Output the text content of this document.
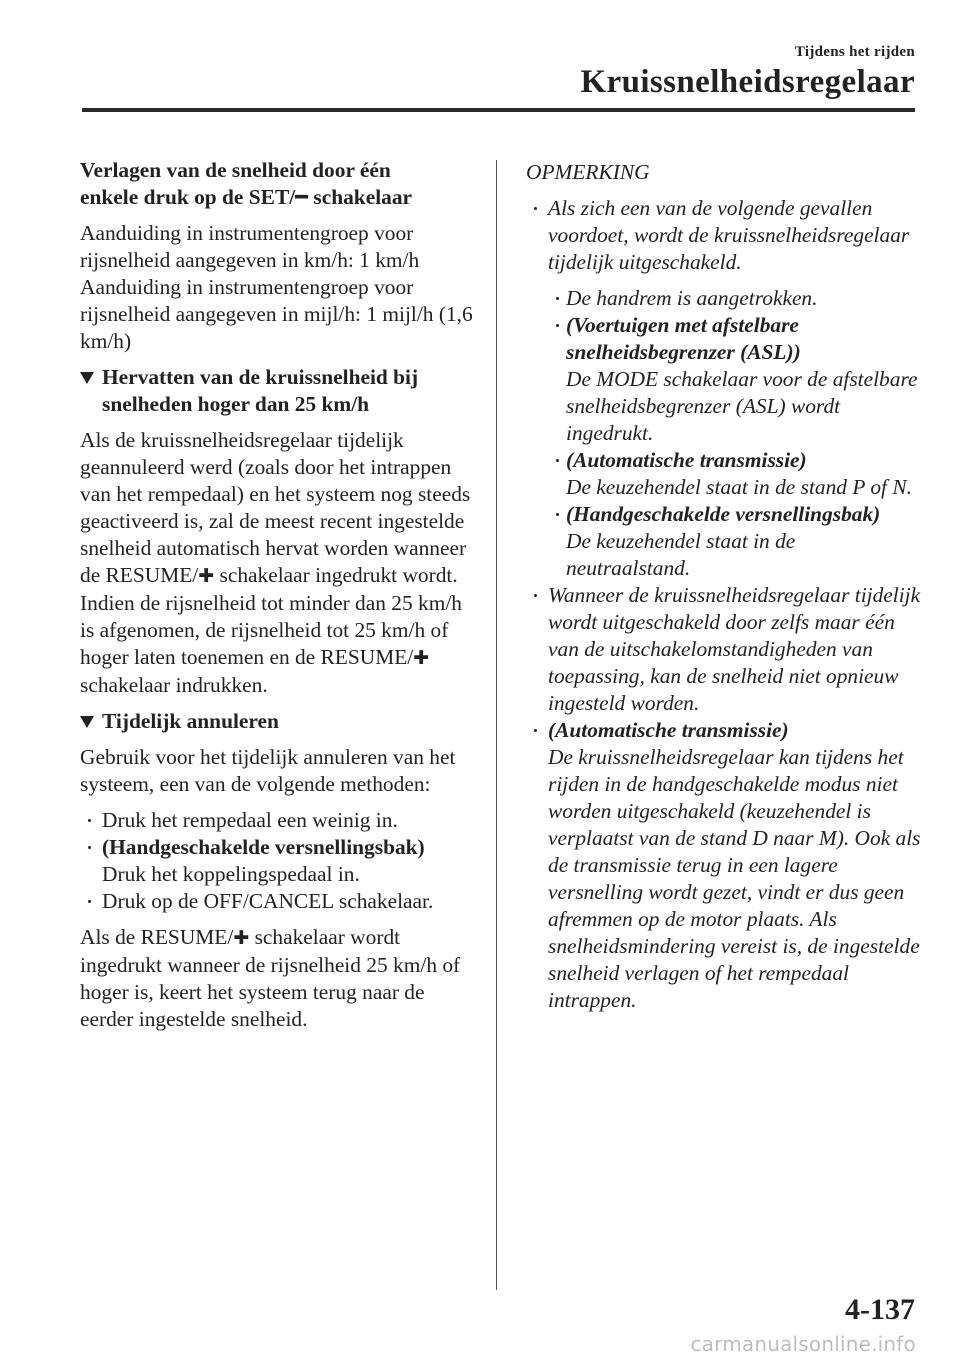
Tijdens het rijden
Kruissnelheidsregelaar
Verlagen van de snelheid door één
enkele druk op de SET/━ schakelaar

Aanduiding in instrumentengroep voor rijsnelheid aangegeven in km/h: 1 km/h Aanduiding in instrumentengroep voor rijsnelheid aangegeven in mijl/h: 1 mijl/h (1,6 km/h)

Hervatten van de kruissnelheid bij snelheden hoger dan 25 km/h

Als de kruissnelheidsregelaar tijdelijk geannuleerd werd (zoals door het intrappen van het rempedaal) en het systeem nog steeds geactiveerd is, zal de meest recent ingestelde snelheid automatisch hervat worden wanneer de RESUME/✚ schakelaar ingedrukt wordt. Indien de rijsnelheid tot minder dan 25 km/h is afgenomen, de rijsnelheid tot 25 km/h of hoger laten toenemen en de RESUME/✚ schakelaar indrukken.

Tijdelijk annuleren

Gebruik voor het tijdelijk annuleren van het systeem, een van de volgende methoden:

Druk het rempedaal een weinig in.
(Handgeschakelde versnellingsbak)
Druk het koppelingspedaal in.
Druk op de OFF/CANCEL schakelaar.

Als de RESUME/✚ schakelaar wordt ingedrukt wanneer de rijsnelheid 25 km/h of hoger is, keert het systeem terug naar de eerder ingestelde snelheid.

OPMERKING
Als zich een van de volgende gevallen voordoet, wordt de kruissnelheidsregelaar tijdelijk uitgeschakeld.
De handrem is aangetrokken.
(Voertuigen met afstelbare snelheidsbegrenzer (ASL))
De MODE schakelaar voor de afstelbare snelheidsbegrenzer (ASL) wordt ingedrukt.
(Automatische transmissie)
De keuzehendel staat in de stand P of N.
(Handgeschakelde versnellingsbak)
De keuzehendel staat in de neutraalstand.
Wanneer de kruissnelheidsregelaar tijdelijk wordt uitgeschakeld door zelfs maar één van de uitschakelomstandigheden van toepassing, kan de snelheid niet opnieuw ingesteld worden.
(Automatische transmissie)
De kruissnelheidsregelaar kan tijdens het rijden in de handgeschakelde modus niet worden uitgeschakeld (keuzehendel is verplaatst van de stand D naar M). Ook als de transmissie terug in een lagere versnelling wordt gezet, vindt er dus geen afremmen op de motor plaats. Als snelheidsmindering vereist is, de ingestelde snelheid verlagen of het rempedaal intrappen.
4-137
carmanualsonline.info
